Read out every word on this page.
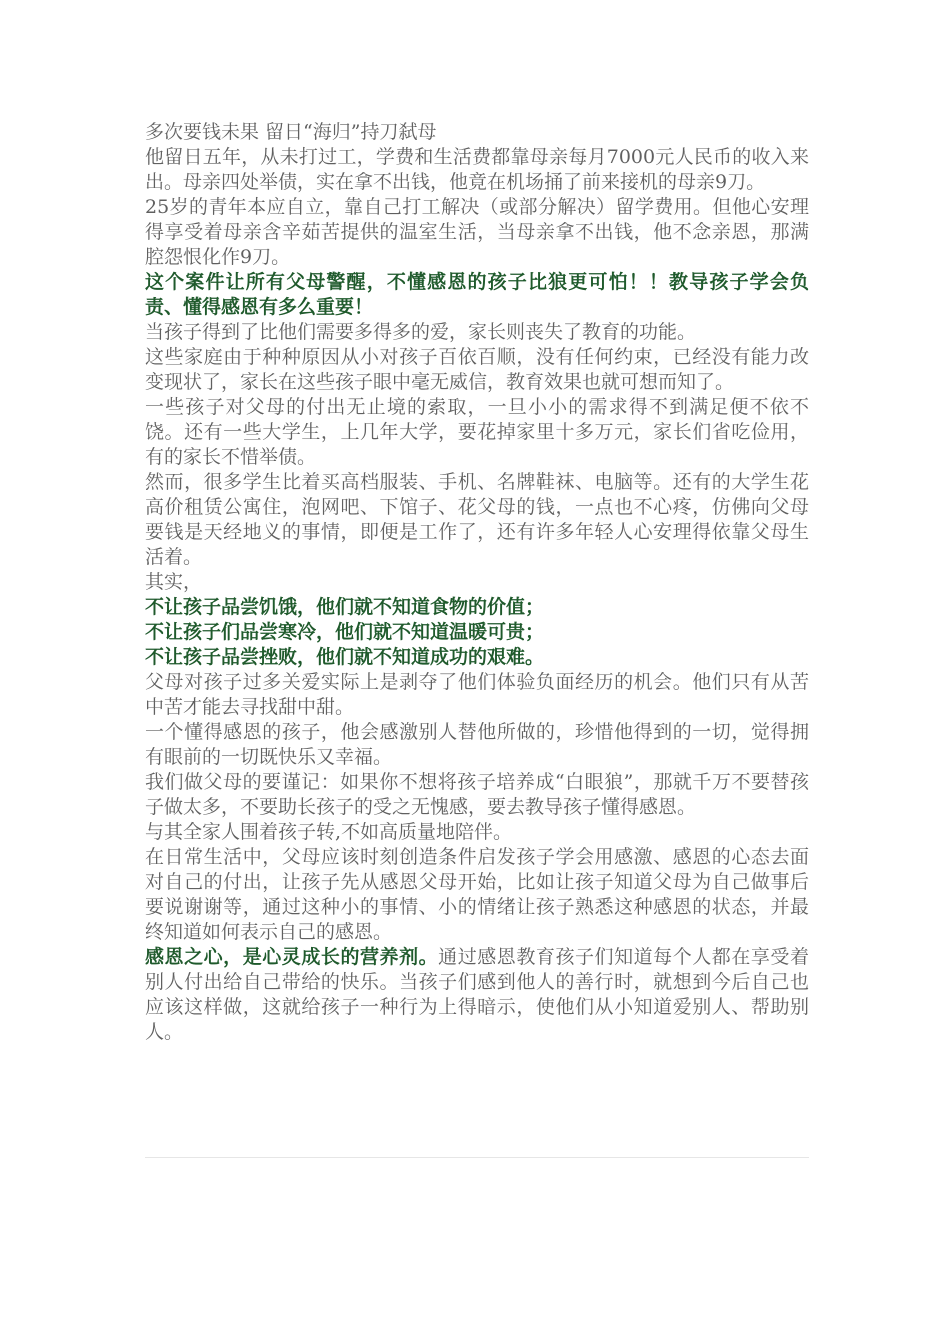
多次要钱未果 留日“海归”持刀弑母

他留日五年，从未打过工，学费和生活费都靠母亲每月7000元人民币的收入来出。母亲四处举债，实在拿不出钱，他竟在机场捅了前来接机的母亲9刀。

25岁的青年本应自立，靠自己打工解决（或部分解决）留学费用。但他心安理得享受着母亲含辛茹苦提供的温室生活，当母亲拿不出钱，他不念亲恩，那满腔怨恨化作9刀。

这个案件让所有父母警醒，不懂感恩的孩子比狼更可怕！！教导孩子学会负责、懂得感恩有多么重要！

当孩子得到了比他们需要多得多的爱，家长则丧失了教育的功能。

这些家庭由于种种原因从小对孩子百依百顺，没有任何约束，已经没有能力改变现状了，家长在这些孩子眼中毫无威信，教育效果也就可想而知了。

一些孩子对父母的付出无止境的索取，一旦小小的需求得不到满足便不依不饶。还有一些大学生，上几年大学，要花掉家里十多万元，家长们省吃俭用，有的家长不惜举债。

然而，很多学生比着买高档服装、手机、名牌鞋袜、电脑等。还有的大学生花高价租赁公寓住，泡网吧、下馆子、花父母的钱，一点也不心疼，仿佛向父母要钱是天经地义的事情，即便是工作了，还有许多年轻人心安理得依靠父母生活着。

其实，

不让孩子品尝饥饿，他们就不知道食物的价值；

不让孩子们品尝寒冷，他们就不知道温暖可贵；

不让孩子品尝挫败，他们就不知道成功的艰难。

父母对孩子过多关爱实际上是剥夺了他们体验负面经历的机会。他们只有从苦中苦才能去寻找甜中甜。

一个懂得感恩的孩子，他会感激别人替他所做的，珍惜他得到的一切，觉得拥有眼前的一切既快乐又幸福。

我们做父母的要谨记：如果你不想将孩子培养成“白眼狼”，那就千万不要替孩子做太多，不要助长孩子的受之无愧感，要去教导孩子懂得感恩。

与其全家人围着孩子转,不如高质量地陪伴。

在日常生活中，父母应该时刻创造条件启发孩子学会用感激、感恩的心态去面对自己的付出，让孩子先从感恩父母开始，比如让孩子知道父母为自己做事后要说谢谢等，通过这种小的事情、小的情绪让孩子熟悉这种感恩的状态，并最终知道如何表示自己的感恩。

感恩之心，是心灵成长的营养剂。通过感恩教育孩子们知道每个人都在享受着别人付出给自己带给的快乐。当孩子们感到他人的善行时，就想到今后自己也应该这样做，这就给孩子一种行为上得暗示，使他们从小知道爱别人、帮助别人。
